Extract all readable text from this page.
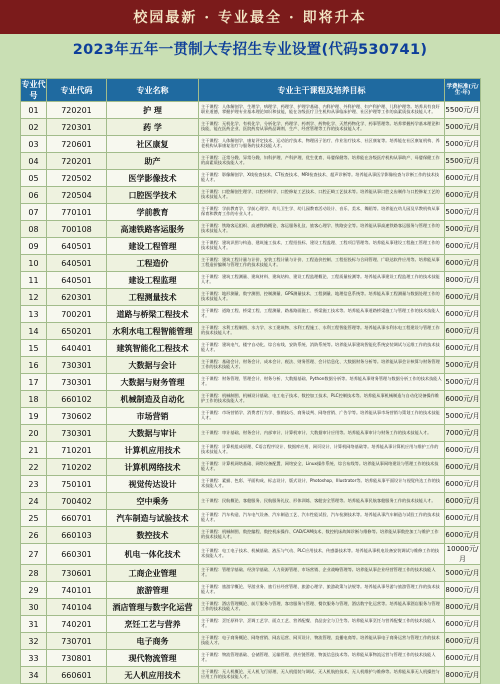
校园最新 · 专业最全 · 即将升本
2023年五年一贯制大专招生专业设置(代码530741)
专业代号	专业代码	专业名称	专业主干课程及培养目标	学费标准(元/生·年)
01	720201	护 理	主干课程：人体解剖学、生理学、病理学、药理学、护理学基础、内科护理、外科护理、妇产科护理、儿科护理等。培养具有良好职业道德，掌握护理专业基本理论知识和技能，能在各级医疗卫生机构从事临床护理、社区护理等工作的高素质技术技能人才。	5500元/月
02	720301	药 学	主干课程：无机化学、有机化学、分析化学、药理学、药剂学、药物化学、天然药物化学、药事管理等。培养掌握药学基本理论和技能，能在医药企业、医院药房从事药品调剂、生产、经营管理等工作的技术技能人才。	5000元/月
03	720601	社区康复	主干课程：人体解剖学、康复评定技术、运动治疗技术、物理因子治疗、作业治疗技术、社区康复等。培养能在社区康复机构、养老机构从事康复治疗与服务的技术技能人才。	5000元/月
04	720201	助产	主干课程：正常分娩、异常分娩、妇科护理、产科护理、优生优育、母婴保健等。培养能在各级医疗机构从事助产、母婴保健工作的高素质技术技能人才。	5500元/月
05	720502	医学影像技术	主干课程：影像解剖学、X线检查技术、CT检查技术、MRI检查技术、超声诊断等。培养能从事医学影像检查与诊断工作的技术技能人才。	6000元/月
06	720504	口腔医学技术	主干课程：口腔解剖生理学、口腔材料学、口腔修复工艺技术、口腔正畸工艺技术等。培养能从事口腔义齿制作与口腔修复工艺的技术技能人才。	6000元/月
07	770101	学前教育	主干课程：学前教育学、学前心理学、幼儿卫生学、幼儿园教育活动设计、音乐、美术、舞蹈等。培养能在幼儿园及早教机构从事保育和教育工作的专业人才。	5000元/月
08	700108	高速铁路客运服务	主干课程：铁路客运组织、高速铁路概论、客运服务礼仪、旅客心理学、铁路安全等。培养能从事高速铁路客运服务与管理工作的技术技能人才。	5000元/月
09	640501	建设工程管理	主干课程：建筑识图与构造、建筑施工技术、工程招投标、建设工程监理、工程项目管理等。培养能从事建设工程施工管理工作的技术技能人才。	6000元/月
10	640501	工程造价	主干课程：建筑工程计量与计价、安装工程计量与计价、工程造价控制、工程招投标与合同管理、广联达软件应用等。培养能从事工程造价编制与管理工作的技术技能人才。	6000元/月
11	640501	建设工程监理	主干课程：建筑工程测量、建筑材料、建筑结构、建设工程监理概论、工程质量检测等。培养能从事建设工程监理工作的技术技能人才。	8000元/月
12	620301	工程测量技术	主干课程：地形测量、数字测图、控制测量、GPS测量技术、工程测量、地理信息系统等。培养能从事工程测量与数据处理工作的技术技能人才。	6000元/月
13	700201	道路与桥梁工程技术	主干课程：道路工程、桥梁工程、工程测量、路基路面施工、桥梁施工技术等。培养能从事道路桥梁施工与管理工作的技术技能人才。	6000元/月
14	650201	水利水电工程智能管理	主干课程：水利工程制图、水力学、水工建筑物、水利工程施工、水利工程智能管理等。培养能从事水利水电工程建设与管理工作的技术技能人才。	6000元/月
15	640401	建筑智能化工程技术	主干课程：建筑电气、楼宇自动化、综合布线、安防系统、消防系统等。培养能从事建筑智能化系统安装调试与运维工作的技术技能人才。	6000元/月
16	730301	大数据与会计	主干课程：基础会计、财务会计、成本会计、税法、财务管理、会计信息化、大数据财务分析等。培养能从事会计核算与财务管理工作的技术技能人才。	5000元/月
17	730301	大数据与财务管理	主干课程：财务管理、管理会计、财务分析、大数据基础、Python数据分析等。培养能从事财务管理与数据分析工作的技术技能人才。	5000元/月
18	660102	机械制造及自动化	主干课程：机械制图、机械设计基础、电工电子技术、数控加工技术、PLC控制技术等。培养能从事机械制造与自动化设备操作维护工作的技术技能人才。	6000元/月
19	730602	市场营销	主干课程：市场营销学、消费者行为学、推销技巧、商务谈判、网络营销、广告学等。培养能从事市场营销与策划工作的技术技能人才。	5000元/月
20	730301	大数据与审计	主干课程：审计基础、财务会计、内部审计、计算机审计、大数据审计应用等。培养能从事审计与财务工作的技术技能人才。	7000元/月
21	710201	计算机应用技术	主干课程：计算机组成原理、C语言程序设计、数据库应用、网页设计、计算机网络基础等。培养能从事计算机应用与维护工作的技术技能人才。	6000元/月
22	710202	计算机网络技术	主干课程：计算机网络基础、网络设备配置、网络安全、Linux操作系统、综合布线等。培养能从事网络建设与管理工作的技术技能人才。	6000元/月
23	750101	视觉传达设计	主干课程：素描、色彩、平面构成、标志设计、版式设计、Photoshop、Illustrator等。培养能从事平面设计与视觉传达工作的技术技能人才。	6000元/月
24	700402	空中乘务	主干课程：民航概论、客舱服务、民航服务礼仪、形体训练、客舱安全管理等。培养能从事民航客舱服务工作的技术技能人才。	6000元/月
25	660701	汽车制造与试验技术	主干课程：汽车构造、汽车电气设备、汽车制造工艺、汽车性能试验、汽车检测技术等。培养能从事汽车制造与试验工作的技术技能人才。	6000元/月
26	660103	数控技术	主干课程：机械制图、数控编程、数控机床操作、CAD/CAM技术、数控机床故障诊断与维修等。培养能从事数控加工与维护工作的技术技能人才。	6000元/月
27	660301	机电一体化技术	主干课程：电工电子技术、机械基础、液压与气动、PLC应用技术、传感器技术等。培养能从事机电设备安装调试与维修工作的技术技能人才。	10000元/月
28	730601	工商企业管理	主干课程：管理学基础、经济学基础、人力资源管理、市场营销、企业战略管理等。培养能从事企业经营管理工作的技术技能人才。	5000元/月
29	740101	旅游管理	主干课程：旅游学概论、导游业务、旅行社经营管理、旅游心理学、旅游政策与法规等。培养能从事导游与旅游管理工作的技术技能人才。	8000元/月
30	740104	酒店管理与数字化运营	主干课程：酒店管理概论、前厅服务与管理、客房服务与管理、餐饮服务与管理、酒店数字化运营等。培养能从事酒店服务与管理工作的技术技能人才。	8000元/月
31	740201	烹饪工艺与营养	主干课程：烹饪原料学、烹调工艺学、面点工艺、营养配餐、食品安全与卫生等。培养能从事烹饪与营养配餐工作的技术技能人才。	6000元/月
32	730701	电子商务	主干课程：电子商务概论、网络营销、网店运营、网页设计、物流管理、直播电商等。培养能从事电子商务运营与管理工作的技术技能人才。	6000元/月
33	730801	现代物流管理	主干课程：物流管理基础、仓储管理、运输管理、供应链管理、物流信息技术等。培养能从事物流运营与管理工作的技术技能人才。	6000元/月
34	660601	无人机应用技术	主干课程：无人机概论、无人机飞行原理、无人机组装与调试、无人机航拍技术、无人机维护与维修等。培养能从事无人机操控与应用工作的技术技能人才。	8000元/月
